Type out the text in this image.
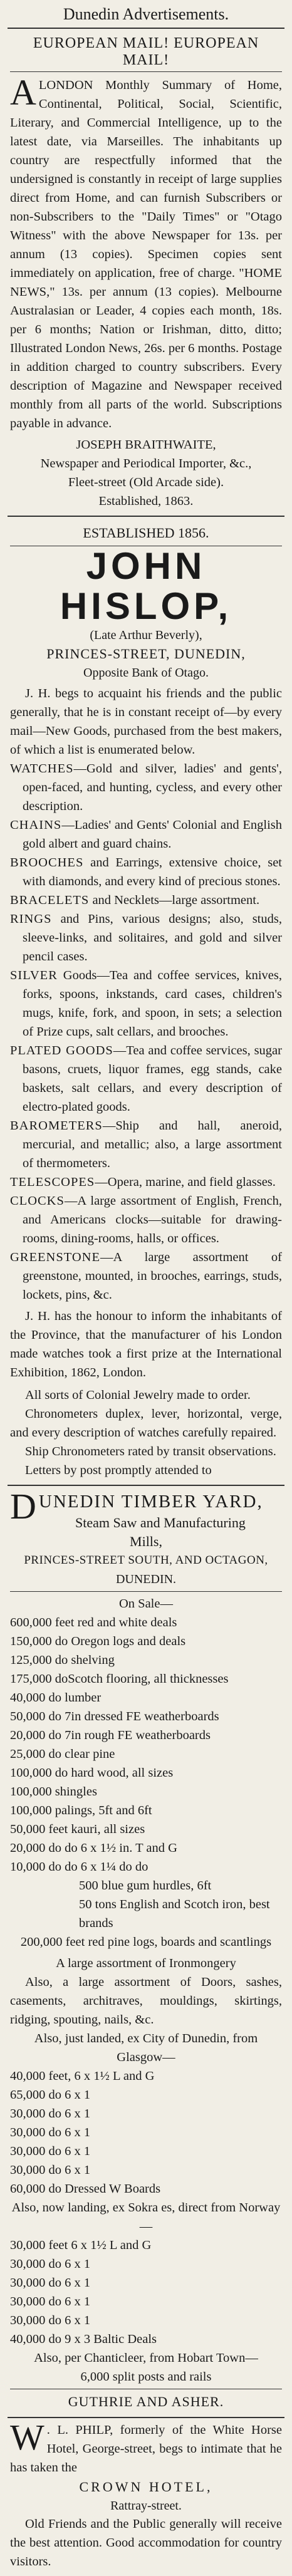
Dunedin Advertisements.
EUROPEAN MAIL! EUROPEAN MAIL!
A LONDON Monthly Summary of Home, Continental, Political, Social, Scientific, Literary, and Commercial Intelligence, up to the latest date, via Marseilles. The inhabitants up country are respectfully informed that the undersigned is constantly in receipt of large supplies direct from Home, and can furnish Subscribers or non-Subscribers to the "Daily Times" or "Otago Witness" with the above Newspaper for 13s. per annum (13 copies). Specimen copies sent immediately on application, free of charge. "HOME NEWS," 13s. per annum (13 copies). Melbourne Australasian or Leader, 4 copies each month, 18s. per 6 months; Nation or Irishman, ditto, ditto; Illustrated London News, 26s. per 6 months. Postage in addition charged to country subscribers. Every description of Magazine and Newspaper received monthly from all parts of the world. Subscriptions payable in advance.

JOSEPH BRAITHWAITE,
Newspaper and Periodical Importer, &c.,
Fleet-street (Old Arcade side).
Established, 1863.
ESTABLISHED 1856.
JOHN HISLOP,
(Late Arthur Beverly),
PRINCES-STREET, DUNEDIN,
Opposite Bank of Otago.

J. H. begs to acquaint his friends and the public generally, that he is in constant receipt of—by every mail—New Goods, purchased from the best makers, of which a list is enumerated below.

WATCHES—Gold and silver, ladies' and gents', open-faced, and hunting, cycless, and every other description.
CHAINS—Ladies' and Gents' Colonial and English gold albert and guard chains.
BROOCHES and Earrings, extensive choice, set with diamonds, and every kind of precious stones.
BRACELETS and Necklets—large assortment.
RINGS and Pins, various designs; also, studs, sleeve-links, and solitaires, and gold and silver pencil cases.
SILVER Goods—Tea and coffee services, knives, forks, spoons, inkstands, card cases, children's mugs, knife, fork, and spoon, in sets; a selection of Prize cups, salt cellars, and brooches.
PLATED GOODS—Tea and coffee services, sugar basons, cruets, liquor frames, egg stands, cake baskets, salt cellars, and every description of electro-plated goods.
BAROMETERS—Ship and hall, aneroid, mercurial, and metallic; also, a large assortment of thermometers.
TELESCOPES—Opera, marine, and field glasses.
CLOCKS—A large assortment of English, French, and Americans clocks—suitable for drawing-rooms, dining-rooms, halls, or offices.
GREENSTONE—A large assortment of greenstone, mounted, in brooches, earrings, studs, lockets, pins, &c.

J. H. has the honour to inform the inhabitants of the Province, that the manufacturer of his London made watches took a first prize at the International Exhibition, 1862, London.

All sorts of Colonial Jewelry made to order.

Chronometers duplex, lever, horizontal, verge, and every description of watches carefully repaired.

Ship Chronometers rated by transit observations.

Letters by post promptly attended to

D UNEDIN TIMBER YARD,
Steam Saw and Manufacturing
Mills,
PRINCES-STREET SOUTH, AND OCTAGON,
DUNEDIN.
On Sale—
600,000 feet red and white deals
150,000 do Oregon logs and deals
125,000 do shelving
175,000 doScotch flooring, all thicknesses
40,000 do lumber
50,000 do 7in dressed FE weatherboards
20,000 do 7in rough FE weatherboards
25,000 do clear pine
100,000 do hard wood, all sizes
100,000 shingles
100,000 palings, 5ft and 6ft
50,000 feet kauri, all sizes
20,000 do do 6 x 1½ in. T and G
10,000 do do 6 x 1¼ do do
500 blue gum hurdles, 6ft
50 tons English and Scotch iron, best brands
200,000 feet red pine logs, boards and scantlings
A large assortment of Ironmongery

Also, a large assortment of Doors, sashes, casements, architraves, mouldings, skirtings, ridging, spouting, nails, &c.

Also, just landed, ex City of Dunedin, from Glasgow—
40,000 feet, 6 x 1½ L and G
65,000 do 6 x 1
30,000 do 6 x 1
30,000 do 6 x 1
30,000 do 6 x 1
30,000 do 6 x 1
60,000 do Dressed W Boards
Also, now landing, ex Sokra es, direct from Norway—
30,000 feet 6 x 1½ L and G
30,000 do 6 x 1
30,000 do 6 x 1
30,000 do 6 x 1
30,000 do 6 x 1
40,000 do 9 x 3 Baltic Deals
Also, per Chanticleer, from Hobart Town—
6,000 split posts and rails
GUTHRIE AND ASHER.
W . L. PHILP, formerly of the White Horse Hotel, George-street, begs to intimate that he has taken the

CROWN HOTEL,
Rattray-street.

Old Friends and the Public generally will receive the best attention. Good accommodation for country visitors.
